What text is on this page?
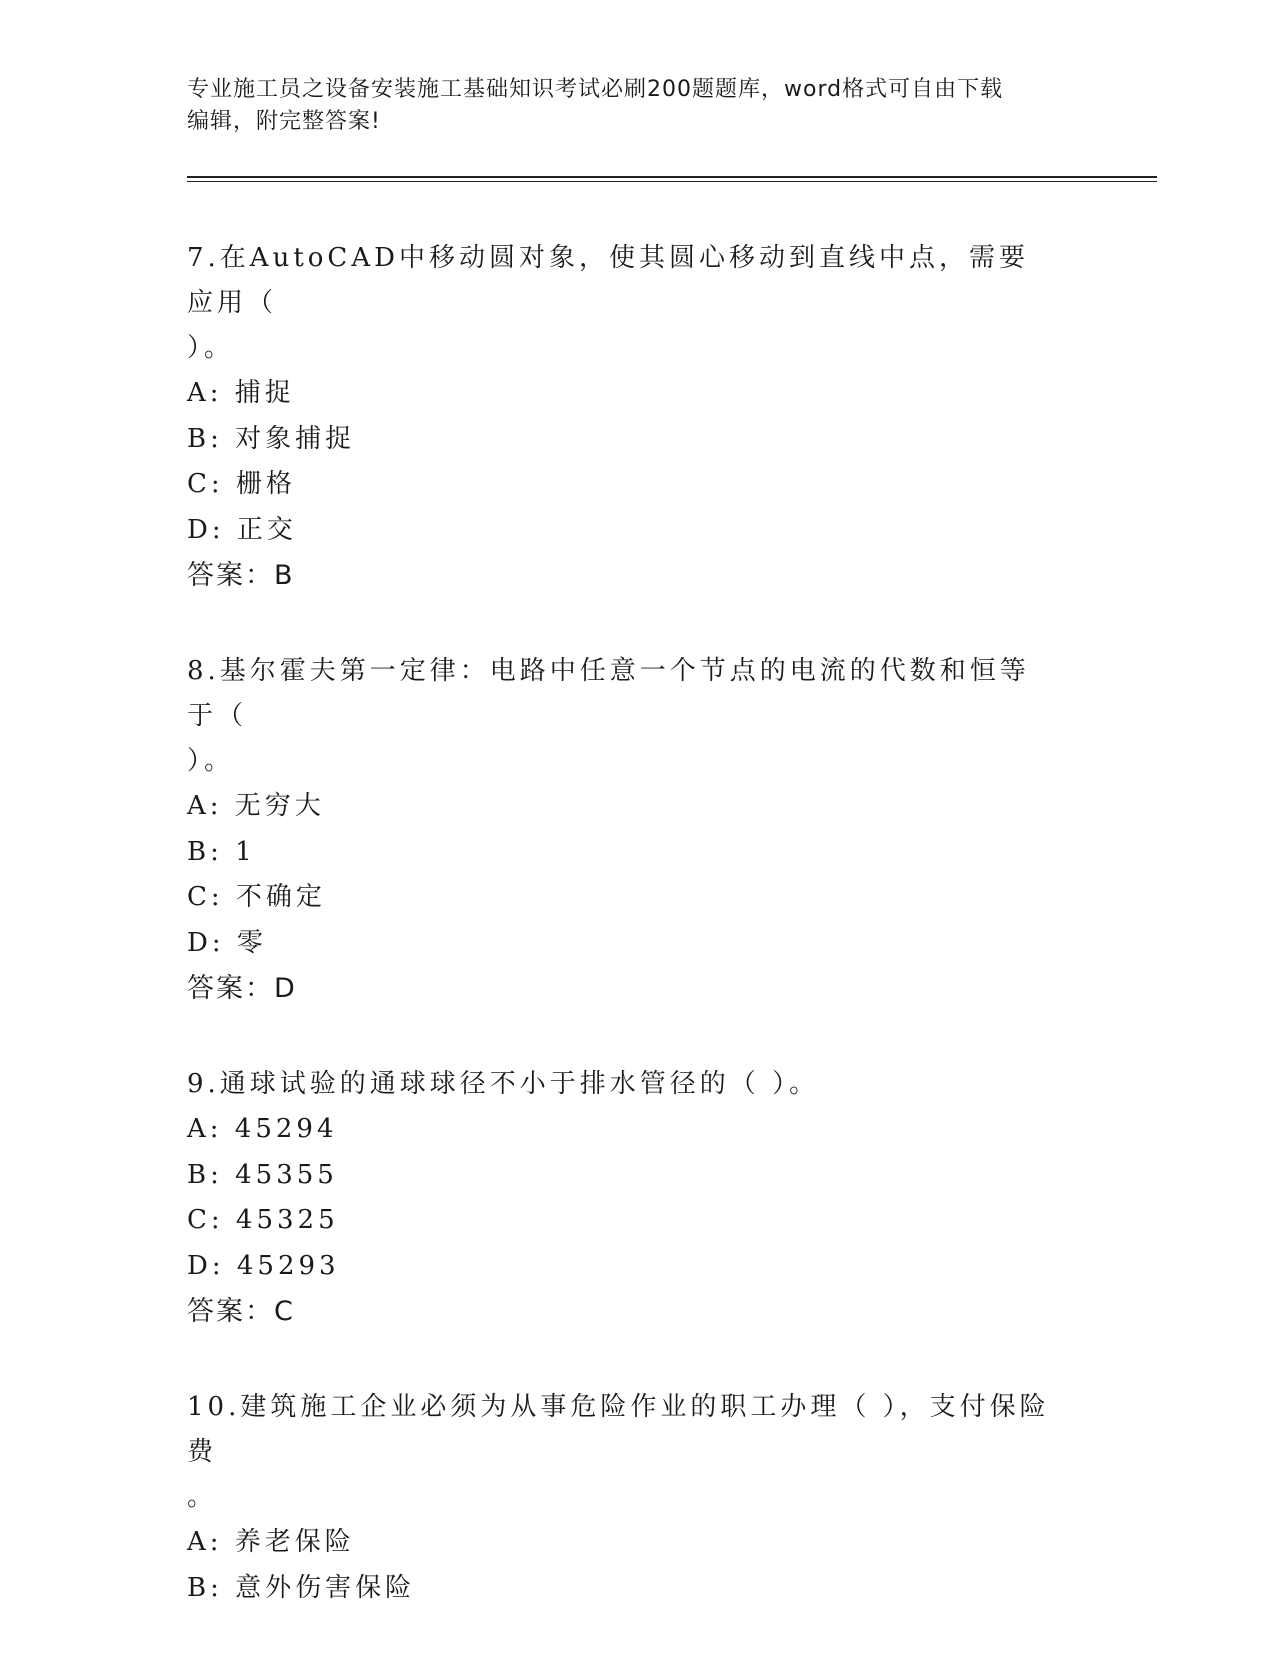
专业施工员之设备安装施工基础知识考试必刷200题题库，word格式可自由下载
编辑，附完整答案!

7.在AutoCAD中移动圆对象，使其圆心移动到直线中点，需要应用（

）。

A: 捕捉

B: 对象捕捉

C: 栅格

D: 正交

答案：B

8.基尔霍夫第一定律：电路中任意一个节点的电流的代数和恒等于（

）。

A: 无穷大

B: 1

C: 不确定

D: 零

答案：D

9.通球试验的通球球径不小于排水管径的（ ）。

A: 45294

B: 45355

C: 45325

D: 45293

答案：C

10.建筑施工企业必须为从事危险作业的职工办理（ ），支付保险费

。

A: 养老保险

B: 意外伤害保险
